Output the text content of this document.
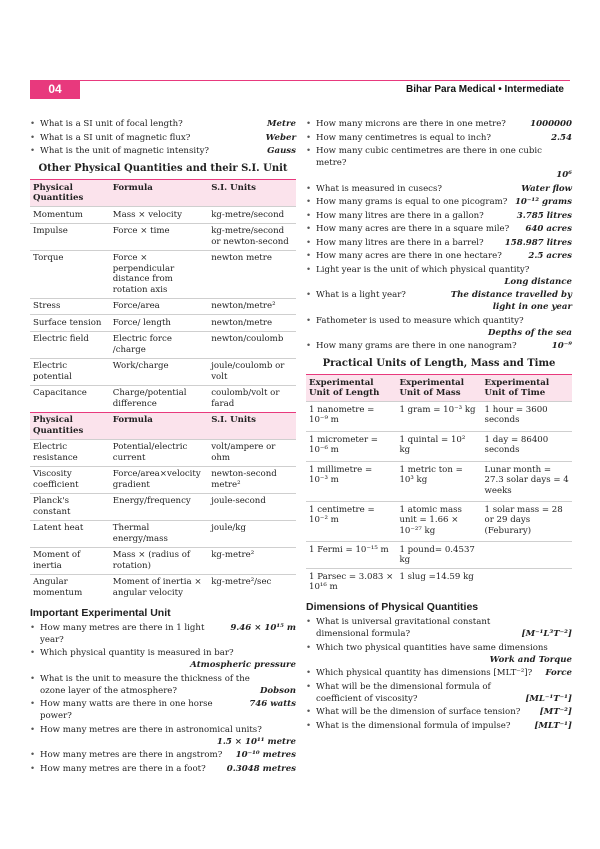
04	Bihar Para Medical • Intermediate
• Metre
What is a SI unit of focal length?
• Weber
What is a SI unit of magnetic flux?
• Gauss
What is the unit of magnetic intensity?
Other Physical Quantities and their S.I. Unit
Physical Quantities	Formula	S.I. Units
Momentum	Mass × velocity	kg-metre/second
Impulse	Force × time	kg-metre/second or newton-second
Torque	Force × perpendicular distance from rotation axis	newton metre
Stress	Force/area	newton/metre²
Surface tension	Force/ length	newton/metre
Electric field	Electric force /charge	newton/coulomb
Electric potential	Work/charge	joule/coulomb or volt
Capacitance	Charge/potential difference	coulomb/volt or farad
Physical Quantities	Formula	S.I. Units
Electric resistance	Potential/electric current	volt/ampere or ohm
Viscosity coefficient	Force/area×velocity gradient	newton-second metre²
Planck's constant	Energy/frequency	joule-second
Latent heat	Thermal energy/mass	joule/kg
Moment of inertia	Mass × (radius of rotation)	kg-metre²
Angular momentum	Moment of inertia × angular velocity	kg-metre²/sec
Important Experimental Unit
• 9.46 × 10¹⁵ m
How many metres are there in 1 light year?
• Which physical quantity is measured in bar?
Atmospheric pressure
• Dobson
What is the unit to measure the thickness of the ozone layer of the atmosphere?
• 746 watts
How many watts are there in one horse power?
• How many metres are there in astronomical units?
1.5 × 10¹¹ metre
• 10⁻¹⁰ metres
How many metres are there in angstrom?
• 0.3048 metres
How many metres are there in a foot?
• 1000000
How many microns are there in one metre?
• 2.54
How many centimetres is equal to inch?
• How many cubic centimetres are there in one cubic metre?
10⁶
• Water flow
What is measured in cusecs?
• 10⁻¹² grams
How many grams is equal to one picogram?
• 3.785 litres
How many litres are there in a gallon?
• 640 acres
How many acres are there in a square mile?
• 158.987 litres
How many litres are there in a barrel?
• 2.5 acres
How many acres are there in one hectare?
• Light year is the unit of which physical quantity?
Long distance
• The distance travelled by light in one year
What is a light year?
• Fathometer is used to measure which quantity?
Depths of the sea
• 10⁻⁹
How many grams are there in one nanogram?
Practical Units of Length, Mass and Time
Experimental Unit of Length	Experimental Unit of Mass	Experimental Unit of Time
1 nanometre = 10⁻⁹ m	1 gram = 10⁻³ kg	1 hour = 3600 seconds
1 micrometer = 10⁻⁶ m	1 quintal = 10² kg	1 day = 86400 seconds
1 millimetre = 10⁻³ m	1 metric ton = 10³ kg	Lunar month = 27.3 solar days = 4 weeks
1 centimetre = 10⁻² m	1 atomic mass unit = 1.66 × 10⁻²⁷ kg	1 solar mass = 28 or 29 days (Feburary)
1 Fermi = 10⁻¹⁵ m	1 pound= 0.4537 kg	
1 Parsec = 3.083 × 10¹⁶ m	1 slug =14.59 kg	
Dimensions of Physical Quantities
• [M⁻¹L³T⁻²]
What is universal gravitational constant dimensional formula?
• Which two physical quantities have same dimensions
Work and Torque
• Force
Which physical quantity has dimensions [MLT⁻²]?
• [ML⁻¹T⁻¹]
What will be the dimensional formula of coefficient of viscosity?
• [MT⁻²]
What will be the dimension of surface tension?
• [MLT⁻¹]
What is the dimensional formula of impulse?
